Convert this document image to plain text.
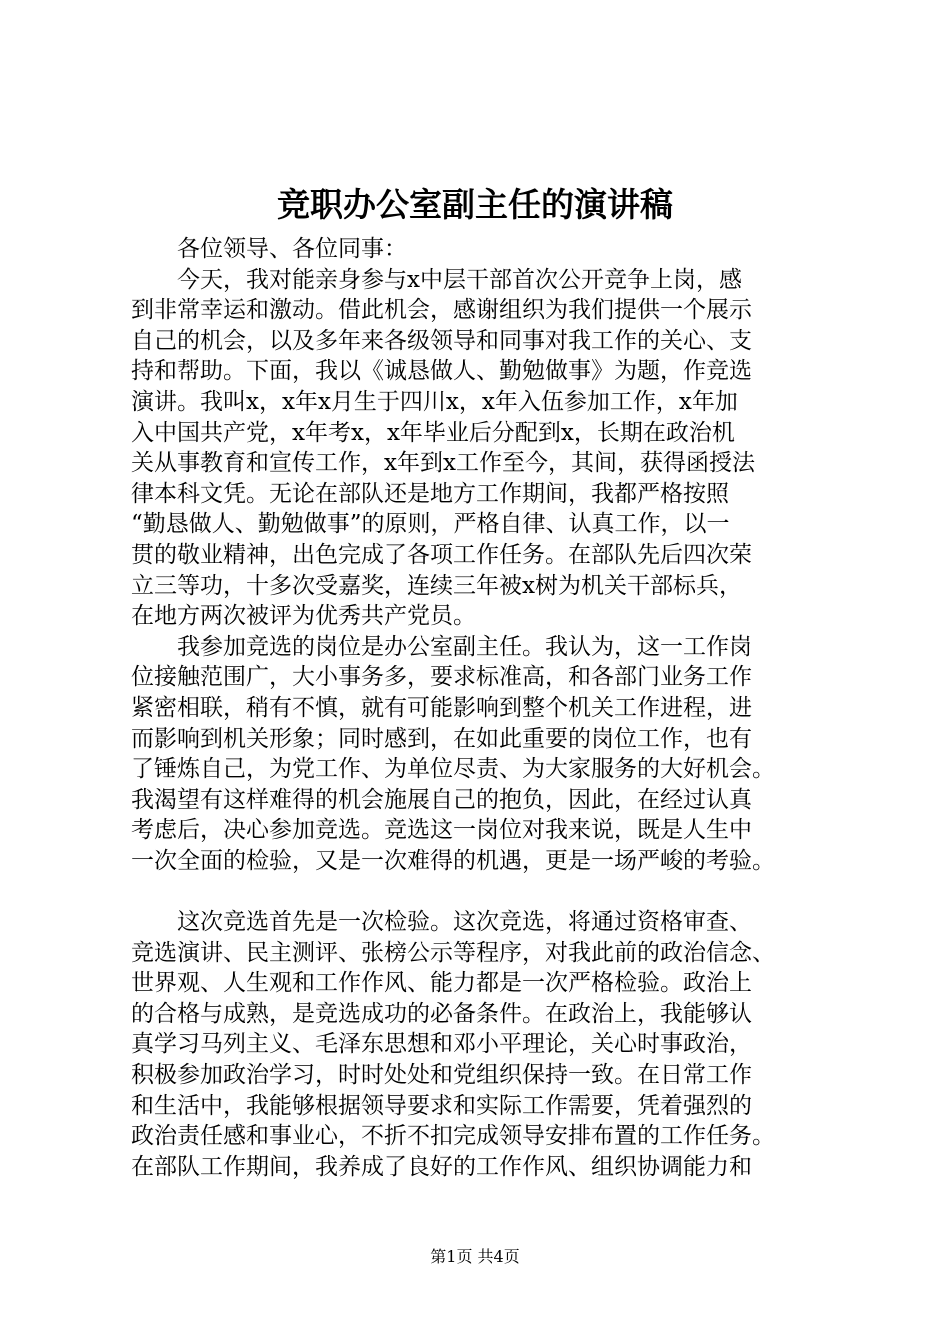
竞职办公室副主任的演讲稿
　　各位领导、各位同事：
　　今天，我对能亲身参与x中层干部首次公开竞争上岗，感
到非常幸运和激动。借此机会，感谢组织为我们提供一个展示
自己的机会，以及多年来各级领导和同事对我工作的关心、支
持和帮助。下面，我以《诚恳做人、勤勉做事》为题，作竞选
演讲。我叫x，x年x月生于四川x，x年入伍参加工作，x年加
入中国共产党，x年考x，x年毕业后分配到x，长期在政治机
关从事教育和宣传工作，x年到x工作至今，其间，获得函授法
律本科文凭。无论在部队还是地方工作期间，我都严格按照
“勤恳做人、勤勉做事”的原则，严格自律、认真工作，以一
贯的敬业精神，出色完成了各项工作任务。在部队先后四次荣
立三等功，十多次受嘉奖，连续三年被x树为机关干部标兵，
在地方两次被评为优秀共产党员。
　　我参加竞选的岗位是办公室副主任。我认为，这一工作岗
位接触范围广，大小事务多，要求标准高，和各部门业务工作
紧密相联，稍有不慎，就有可能影响到整个机关工作进程，进
而影响到机关形象；同时感到，在如此重要的岗位工作，也有
了锤炼自己，为党工作、为单位尽责、为大家服务的大好机会。
我渴望有这样难得的机会施展自己的抱负，因此，在经过认真
考虑后，决心参加竞选。竞选这一岗位对我来说，既是人生中
一次全面的检验，又是一次难得的机遇，更是一场严峻的考验。
　　这次竞选首先是一次检验。这次竞选，将通过资格审查、
竞选演讲、民主测评、张榜公示等程序，对我此前的政治信念、
世界观、人生观和工作作风、能力都是一次严格检验。政治上
的合格与成熟，是竞选成功的必备条件。在政治上，我能够认
真学习马列主义、毛泽东思想和邓小平理论，关心时事政治，
积极参加政治学习，时时处处和党组织保持一致。在日常工作
和生活中，我能够根据领导要求和实际工作需要，凭着强烈的
政治责任感和事业心，不折不扣完成领导安排布置的工作任务。
在部队工作期间，我养成了良好的工作作风、组织协调能力和
第1页 共4页
